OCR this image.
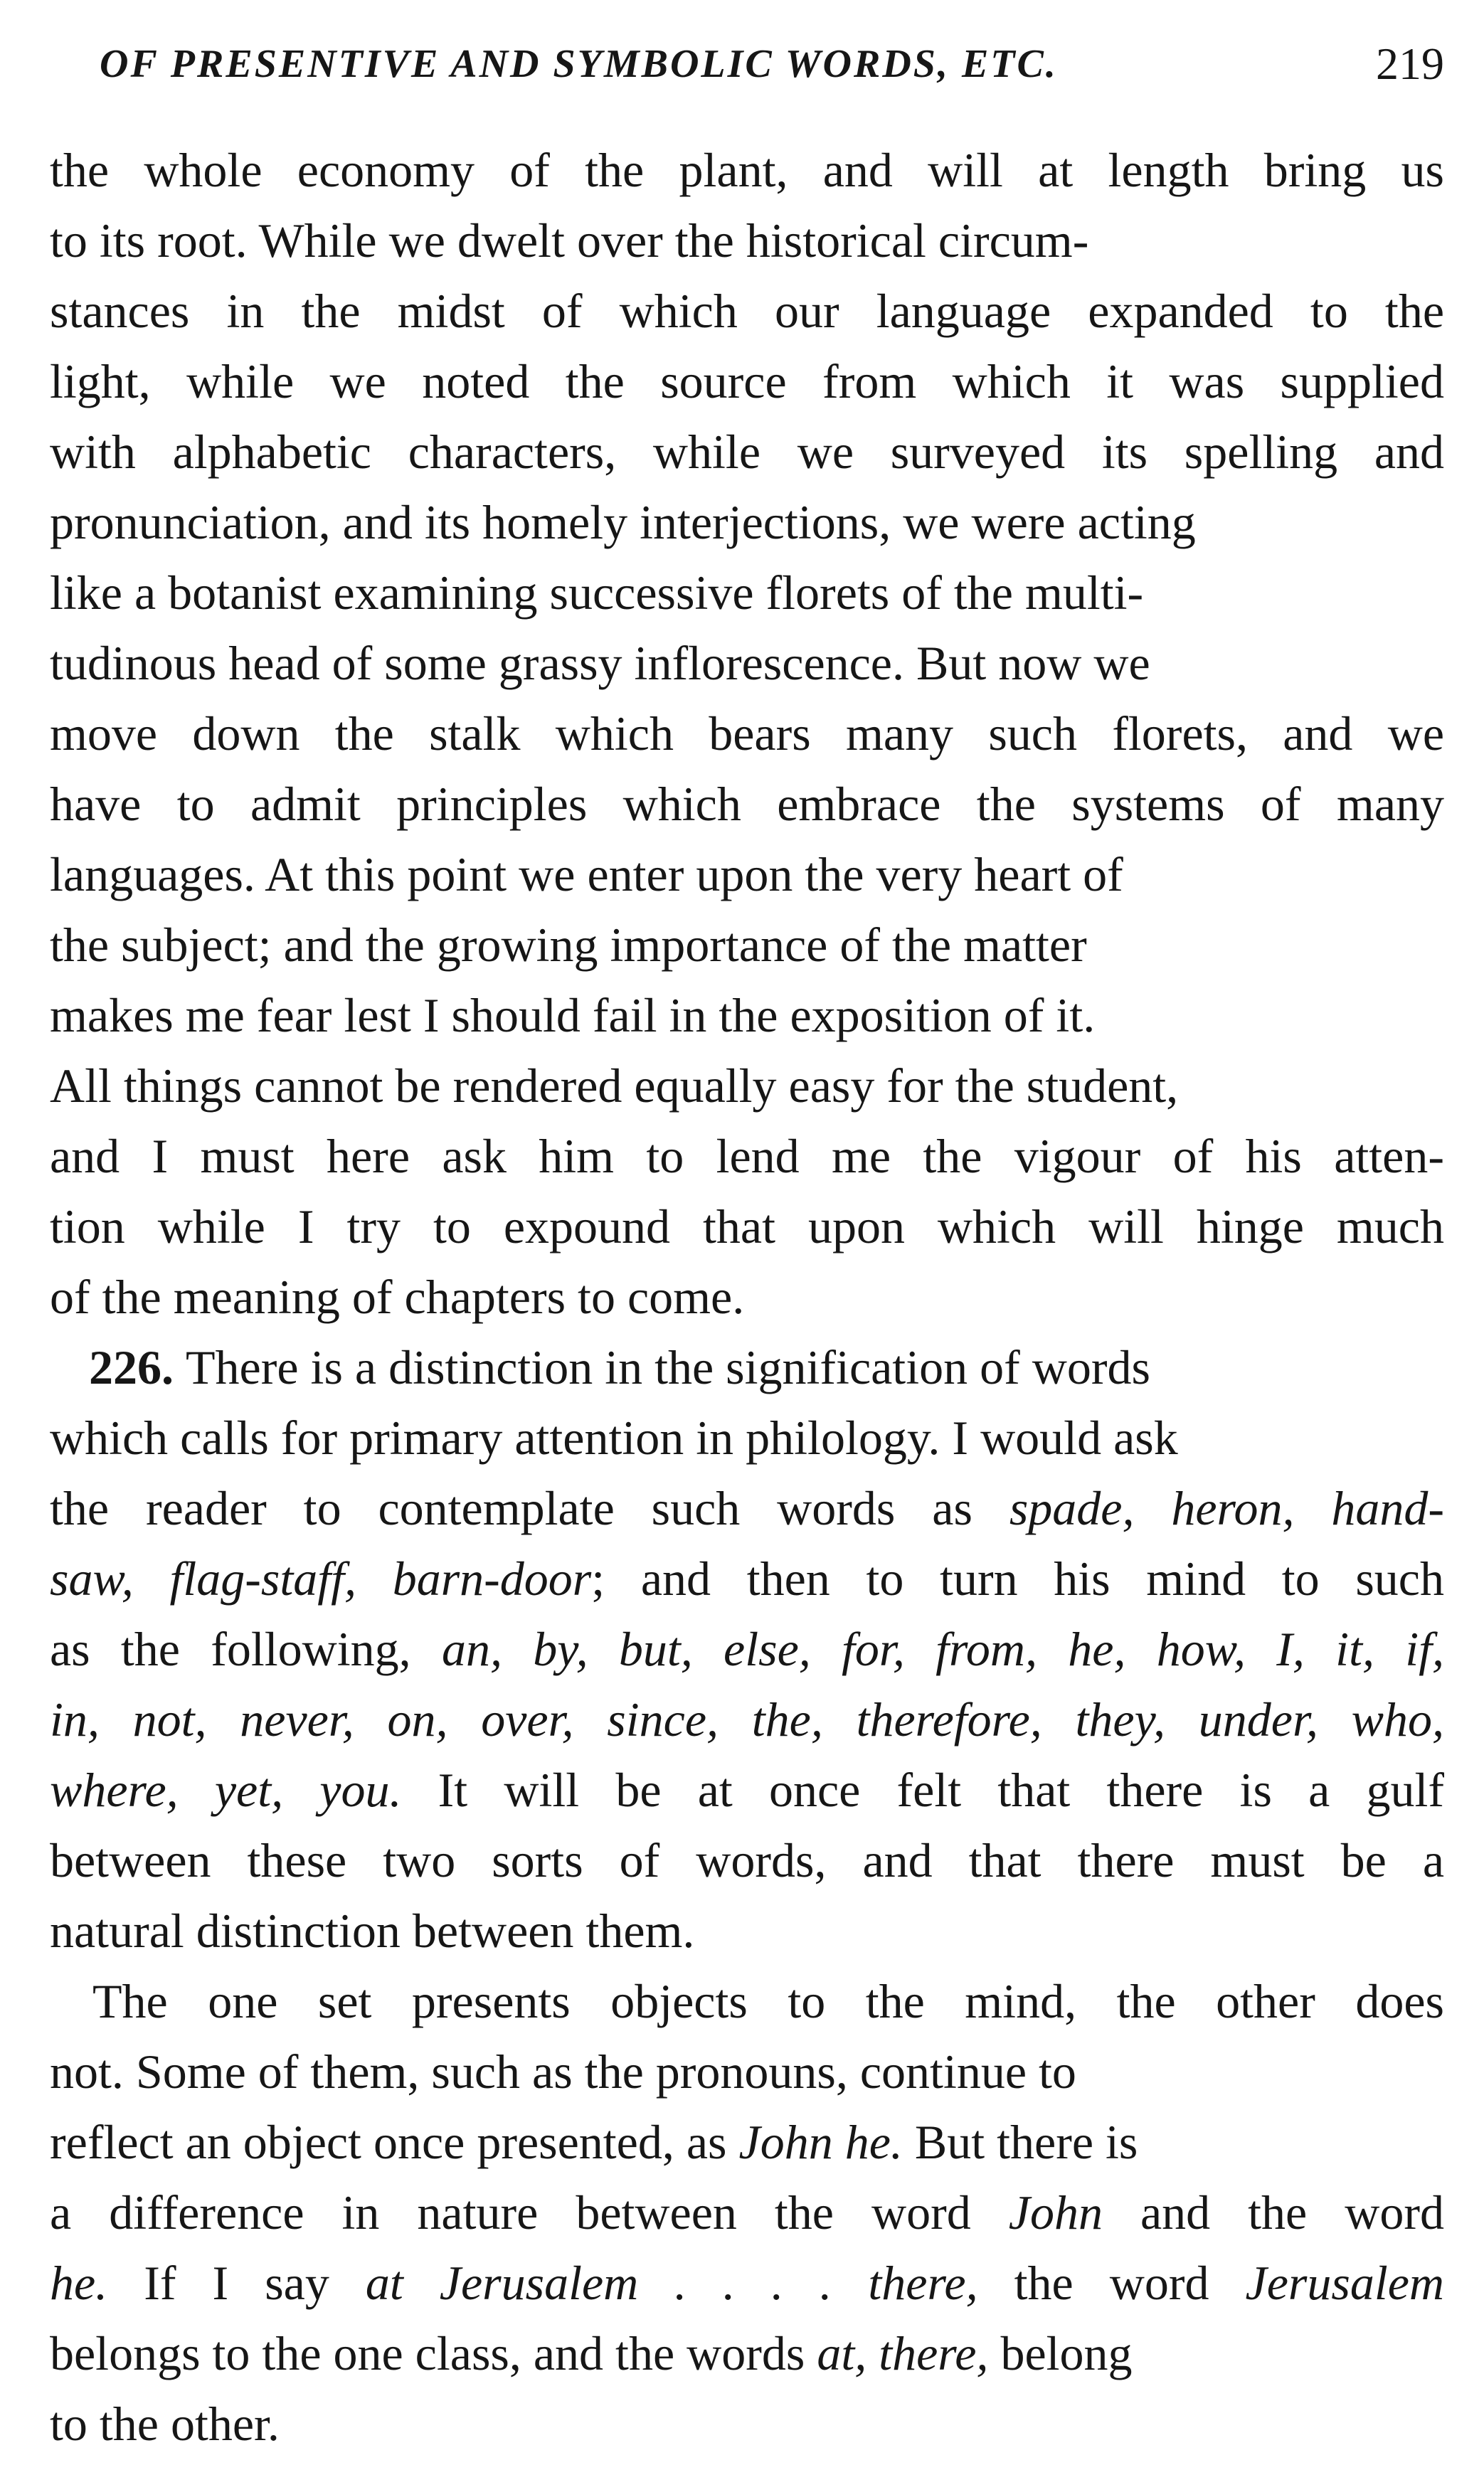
OF PRESENTIVE AND SYMBOLIC WORDS, ETC.	219
the whole economy of the plant, and will at length bring us
to its root. While we dwelt over the historical circum-
stances in the midst of which our language expanded to the
light, while we noted the source from which it was supplied
with alphabetic characters, while we surveyed its spelling and
pronunciation, and its homely interjections, we were acting
like a botanist examining successive florets of the multi-
tudinous head of some grassy inflorescence. But now we
move down the stalk which bears many such florets, and we
have to admit principles which embrace the systems of many
languages. At this point we enter upon the very heart of
the subject; and the growing importance of the matter
makes me fear lest I should fail in the exposition of it.
All things cannot be rendered equally easy for the student,
and I must here ask him to lend me the vigour of his atten-
tion while I try to expound that upon which will hinge much
of the meaning of chapters to come.
226. There is a distinction in the signification of words
which calls for primary attention in philology. I would ask
the reader to contemplate such words as spade, heron, hand-
saw, flag-staff, barn-door; and then to turn his mind to such
as the following, an, by, but, else, for, from, he, how, I, it, if,
in, not, never, on, over, since, the, therefore, they, under, who,
where, yet, you. It will be at once felt that there is a gulf
between these two sorts of words, and that there must be a
natural distinction between them.
The one set presents objects to the mind, the other does
not. Some of them, such as the pronouns, continue to
reflect an object once presented, as John he. But there is
a difference in nature between the word John and the word
he. If I say at Jerusalem . . . . there, the word Jerusalem
belongs to the one class, and the words at, there, belong
to the other.
